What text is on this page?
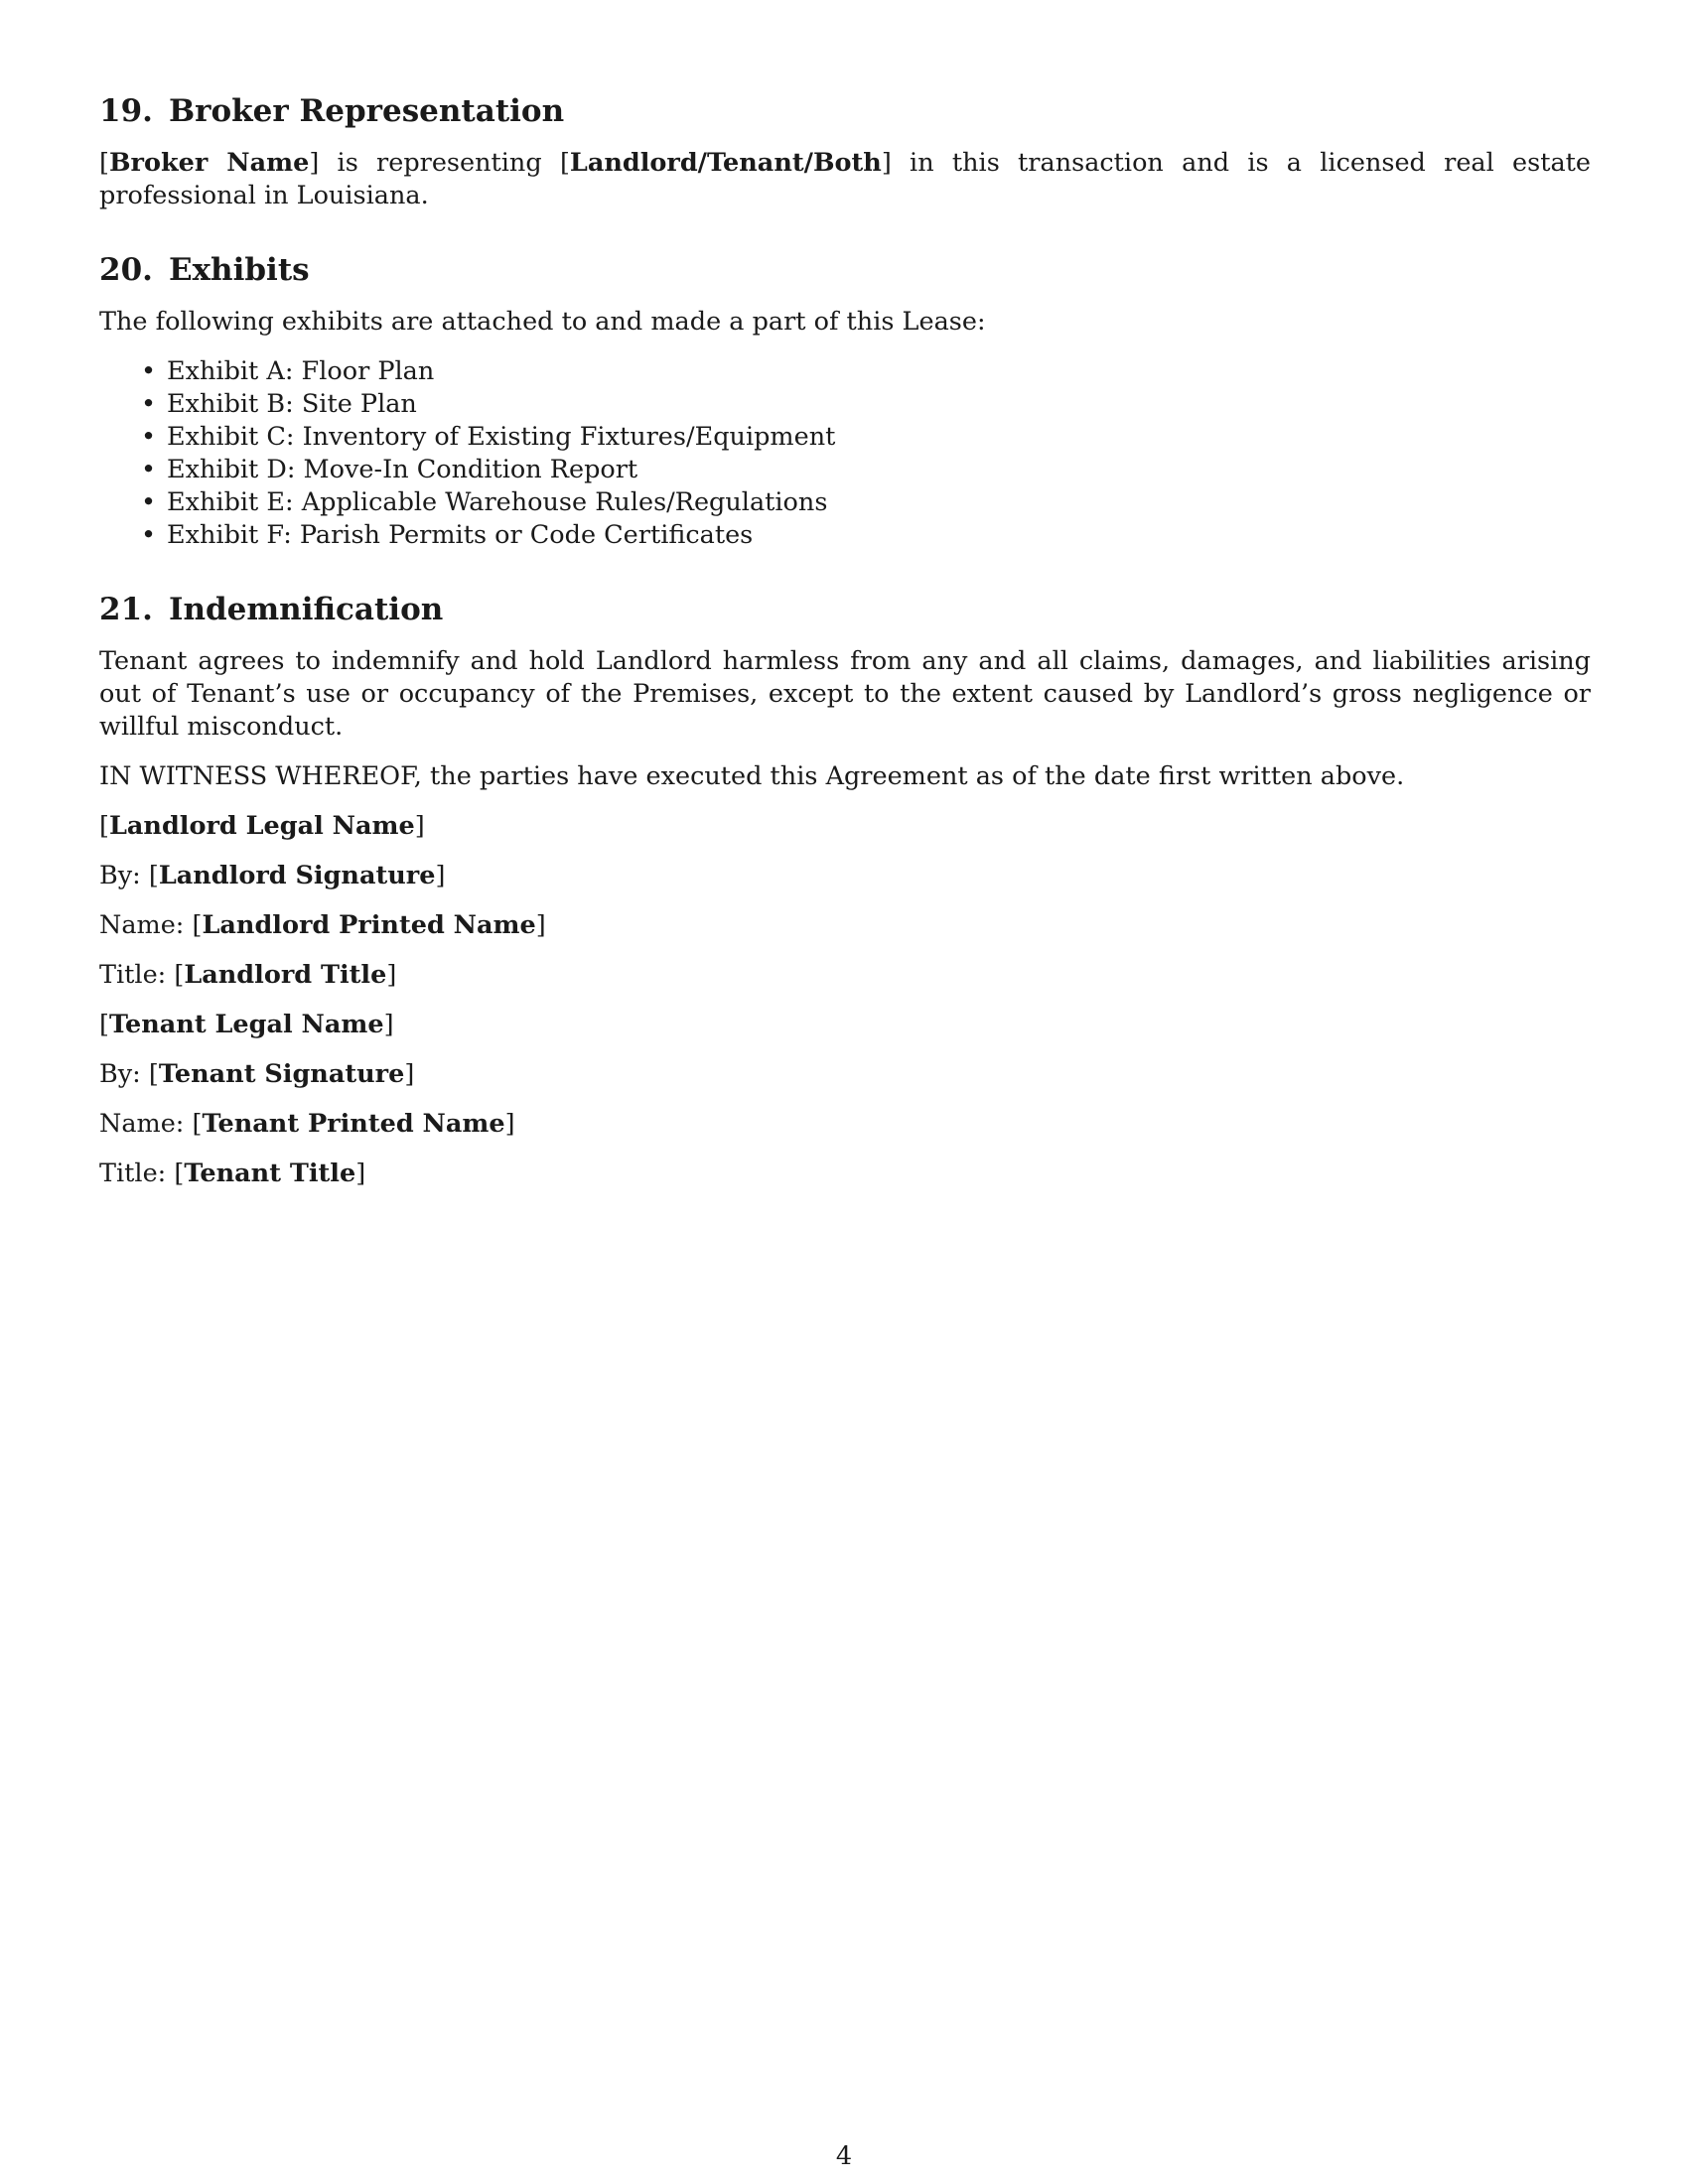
19. Broker Representation

[Broker Name] is representing [Landlord/Tenant/Both] in this transaction and is a licensed real estate professional in Louisiana.

20. Exhibits

The following exhibits are attached to and made a part of this Lease:

• Exhibit A: Floor Plan
• Exhibit B: Site Plan
• Exhibit C: Inventory of Existing Fixtures/Equipment
• Exhibit D: Move-In Condition Report
• Exhibit E: Applicable Warehouse Rules/Regulations
• Exhibit F: Parish Permits or Code Certificates
21. Indemnification

Tenant agrees to indemnify and hold Landlord harmless from any and all claims, damages, and liabilities arising out of Tenant’s use or occupancy of the Premises, except to the extent caused by Landlord’s gross negligence or willful misconduct.

IN WITNESS WHEREOF, the parties have executed this Agreement as of the date first written above.

[Landlord Legal Name]
By: [Landlord Signature]
Name: [Landlord Printed Name]
Title: [Landlord Title]
[Tenant Legal Name]
By: [Tenant Signature]
Name: [Tenant Printed Name]
Title: [Tenant Title]
4
